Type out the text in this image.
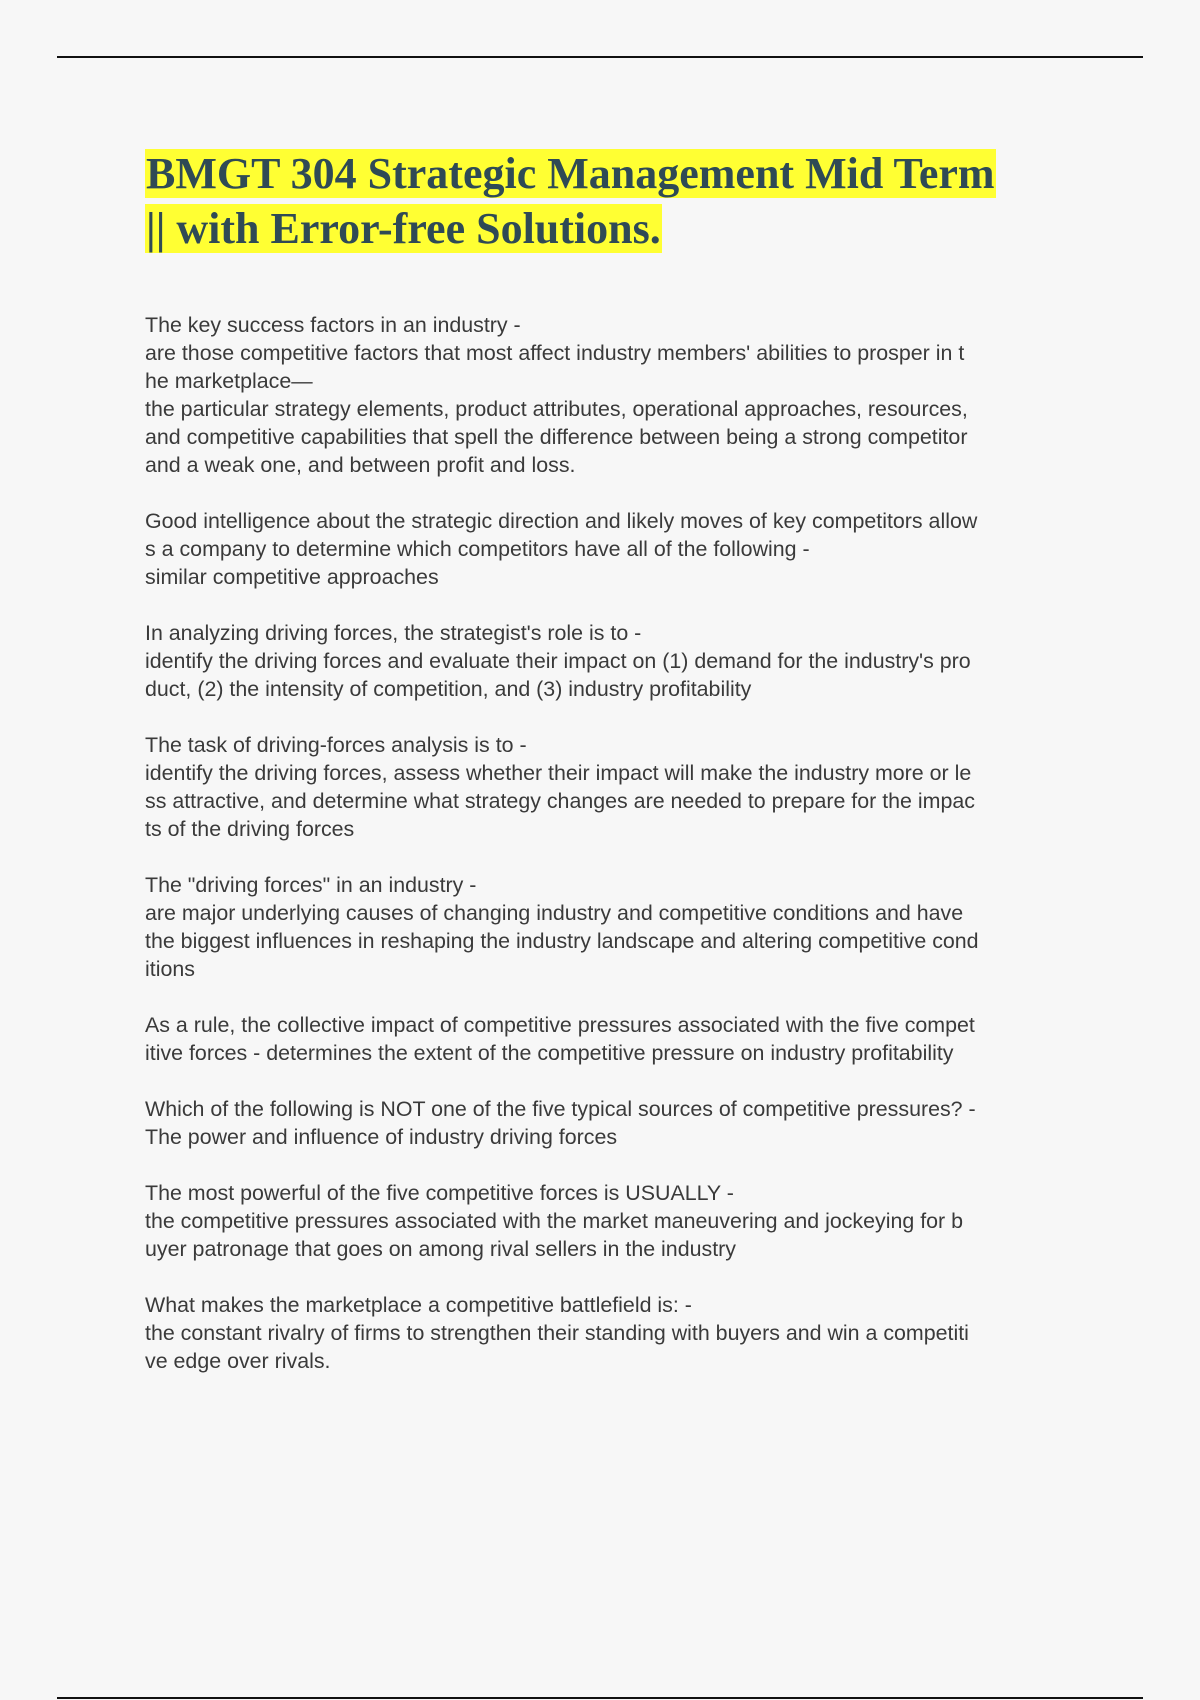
BMGT 304 Strategic Management Mid Term
|| with Error-free Solutions.
The key success factors in an industry -
are those competitive factors that most affect industry members' abilities to prosper in t
he marketplace—
the particular strategy elements, product attributes, operational approaches, resources,
and competitive capabilities that spell the difference between being a strong competitor
and a weak one, and between profit and loss.
Good intelligence about the strategic direction and likely moves of key competitors allow
s a company to determine which competitors have all of the following -
similar competitive approaches
In analyzing driving forces, the strategist's role is to -
identify the driving forces and evaluate their impact on (1) demand for the industry's pro
duct, (2) the intensity of competition, and (3) industry profitability
The task of driving-forces analysis is to -
identify the driving forces, assess whether their impact will make the industry more or le
ss attractive, and determine what strategy changes are needed to prepare for the impac
ts of the driving forces
The "driving forces" in an industry -
are major underlying causes of changing industry and competitive conditions and have
the biggest influences in reshaping the industry landscape and altering competitive cond
itions
As a rule, the collective impact of competitive pressures associated with the five compet
itive forces - determines the extent of the competitive pressure on industry profitability
Which of the following is NOT one of the five typical sources of competitive pressures? -
The power and influence of industry driving forces
The most powerful of the five competitive forces is USUALLY -
the competitive pressures associated with the market maneuvering and jockeying for b
uyer patronage that goes on among rival sellers in the industry
What makes the marketplace a competitive battlefield is: -
the constant rivalry of firms to strengthen their standing with buyers and win a competiti
ve edge over rivals.
